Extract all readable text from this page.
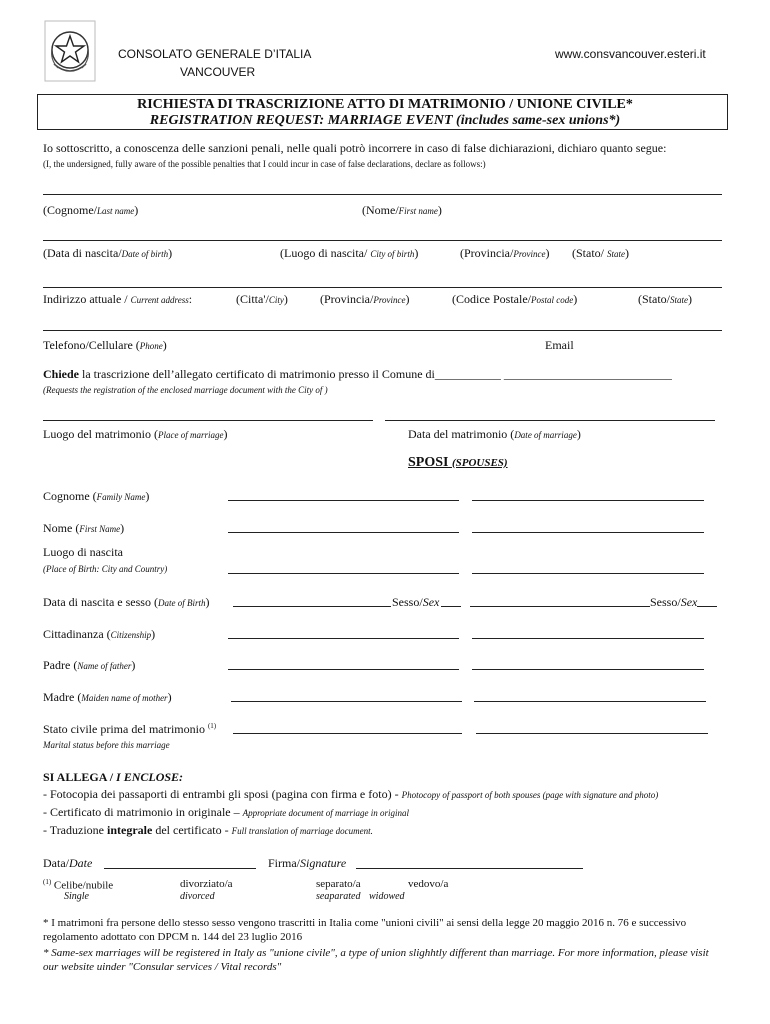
CONSOLATO GENERALE D’ITALIA
VANCOUVER
www.consvancouver.esteri.it
RICHIESTA DI TRASCRIZIONE ATTO DI MATRIMONIO / UNIONE CIVILE*
REGISTRATION REQUEST: MARRIAGE EVENT (includes same-sex unions*)
Io sottoscritto, a conoscenza delle sanzioni penali, nelle quali potrò incorrere in caso di false dichiarazioni, dichiaro quanto segue:
(I, the undersigned, fully aware of the possible penalties that I could incur in case of false declarations, declare as follows:)
(Cognome/Last name)	(Nome/First name)
(Data di nascita/Date of birth)	(Luogo di nascita/ City of birth)	(Provincia/Province) (Stato/ State)
Indirizzo attuale / Current address:	(Citta'/City)	(Provincia/Province)	(Codice Postale/Postal code)	(Stato/State)
Telefono/Cellulare (Phone)	Email
Chiede la trascrizione dell’allegato certificato di matrimonio presso il Comune di___________ ____________________________
(Requests the registration of the enclosed marriage document with the City of )
Luogo del matrimonio (Place of marriage)	Data del matrimonio (Date of marriage)
SPOSI (SPOUSES)
Cognome (Family Name)
Nome (First Name)
Luogo di nascita
(Place of Birth: City and Country)
Data di nascita e sesso (Date of Birth)	Sesso/Sex	Sesso/Sex
Cittadinanza (Citizenship)
Padre (Name of father)
Madre (Maiden name of mother)
Stato civile prima del matrimonio $^{(1)}$
Marital status before this marriage
SI ALLEGA / I ENCLOSE:
- Fotocopia dei passaporti di entrambi gli sposi (pagina con firma e foto) - Photocopy of passport of both spouses (page with signature and photo)
- Certificato di matrimonio in originale – Appropriate document of marriage in original
- Traduzione integrale del certificato - Full translation of marriage document.
Data/Date	Firma/Signature
$^{(1)}$ Celibe/nubile
Single
divorziato/a
divorced
separato/a
seaparated
vedovo/a
widowed
* I matrimoni fra persone dello stesso sesso vengono trascritti in Italia come "unioni civili" ai sensi della legge 20 maggio 2016 n. 76 e successivo regolamento adottato con DPCM n. 144 del 23 luglio 2016
* Same-sex marriages will be registered in Italy as "unione civile", a type of union slighhtly different than marriage. For more information, please visit our website uinder "Consular services / Vital records"
